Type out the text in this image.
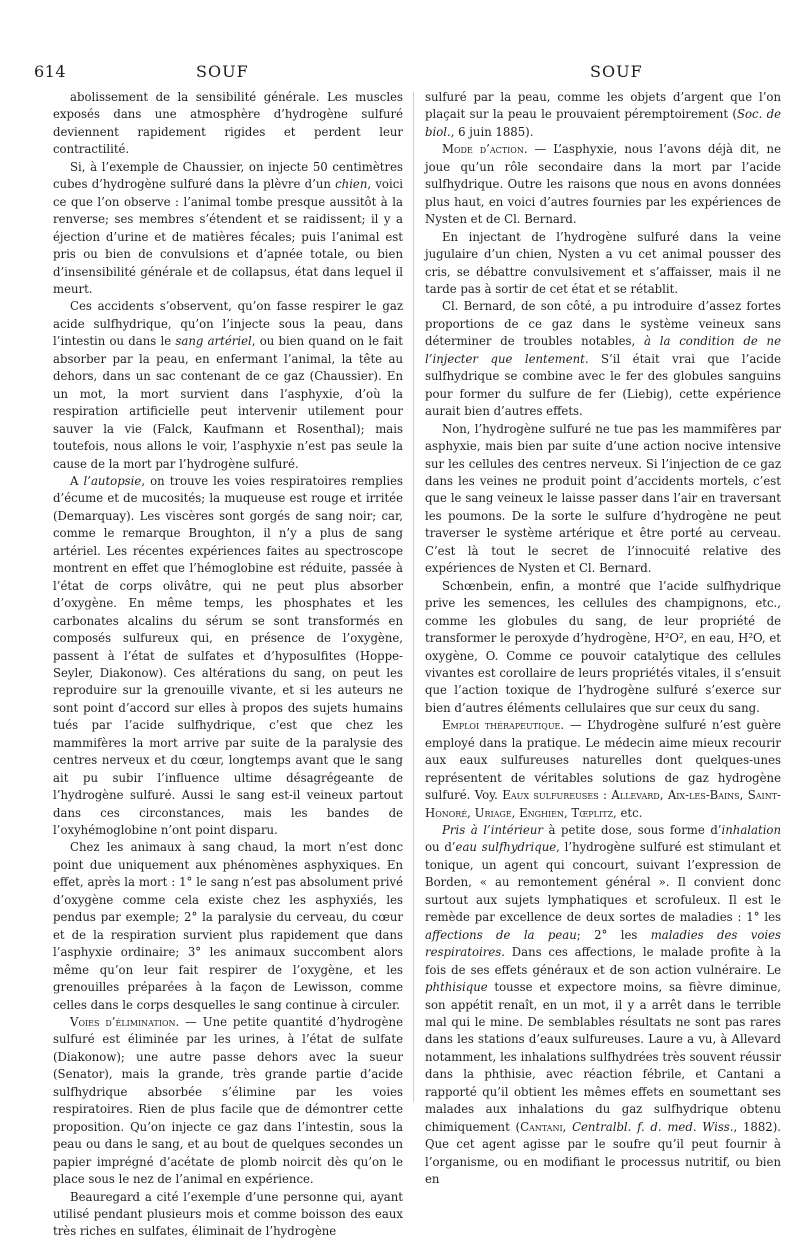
614	SOUF	SOUF

abolissement de la sensibilité générale. Les muscles exposés dans une atmosphère d’hydrogène sulfuré deviennent rapidement rigides et perdent leur contractilité.

Si, à l’exemple de Chaussier, on injecte 50 centimètres cubes d’hydrogène sulfuré dans la plèvre d’un chien, voici ce que l’on observe : l’animal tombe presque aussitôt à la renverse; ses membres s’étendent et se raidissent; il y a éjection d’urine et de matières fécales; puis l’animal est pris ou bien de convulsions et d’apnée totale, ou bien d’insensibilité générale et de collapsus, état dans lequel il meurt.

Ces accidents s’observent, qu’on fasse respirer le gaz acide sulfhydrique, qu’on l’injecte sous la peau, dans l’intestin ou dans le sang artériel, ou bien quand on le fait absorber par la peau, en enfermant l’animal, la tête au dehors, dans un sac contenant de ce gaz (Chaussier). En un mot, la mort survient dans l’asphyxie, d’où la respiration artificielle peut intervenir utilement pour sauver la vie (Falck, Kaufmann et Rosenthal); mais toutefois, nous allons le voir, l’asphyxie n’est pas seule la cause de la mort par l’hydrogène sulfuré.

A l’autopsie, on trouve les voies respiratoires remplies d’écume et de mucosités; la muqueuse est rouge et irritée (Demarquay). Les viscères sont gorgés de sang noir; car, comme le remarque Broughton, il n’y a plus de sang artériel. Les récentes expériences faites au spectroscope montrent en effet que l’hémoglobine est réduite, passée à l’état de corps olivâtre, qui ne peut plus absorber d’oxygène. En même temps, les phosphates et les carbonates alcalins du sérum se sont transformés en composés sulfureux qui, en présence de l’oxygène, passent à l’état de sulfates et d’hyposulfites (Hoppe-Seyler, Diakonow). Ces altérations du sang, on peut les reproduire sur la grenouille vivante, et si les auteurs ne sont point d’accord sur elles à propos des sujets humains tués par l’acide sulfhydrique, c’est que chez les mammifères la mort arrive par suite de la paralysie des centres nerveux et du cœur, longtemps avant que le sang ait pu subir l’influence ultime désagrégeante de l’hydrogène sulfuré. Aussi le sang est-il veineux partout dans ces circonstances, mais les bandes de l’oxyhémoglobine n’ont point disparu.

Chez les animaux à sang chaud, la mort n’est donc point due uniquement aux phénomènes asphyxiques. En effet, après la mort : 1° le sang n’est pas absolument privé d’oxygène comme cela existe chez les asphyxiés, les pendus par exemple; 2° la paralysie du cerveau, du cœur et de la respiration survient plus rapidement que dans l’asphyxie ordinaire; 3° les animaux succombent alors même qu’on leur fait respirer de l’oxygène, et les grenouilles préparées à la façon de Lewisson, comme celles dans le corps desquelles le sang continue à circuler.

Voies d’élimination. — Une petite quantité d’hydrogène sulfuré est éliminée par les urines, à l’état de sulfate (Diakonow); une autre passe dehors avec la sueur (Senator), mais la grande, très grande partie d’acide sulfhydrique absorbée s’élimine par les voies respiratoires. Rien de plus facile que de démontrer cette proposition. Qu’on injecte ce gaz dans l’intestin, sous la peau ou dans le sang, et au bout de quelques secondes un papier imprégné d’acétate de plomb noircit dès qu’on le place sous le nez de l’animal en expérience.

Beauregard a cité l’exemple d’une personne qui, ayant utilisé pendant plusieurs mois et comme boisson des eaux très riches en sulfates, éliminait de l’hydrogène

sulfuré par la peau, comme les objets d’argent que l’on plaçait sur la peau le prouvaient péremptoirement (Soc. de biol., 6 juin 1885).

Mode d’action. — L’asphyxie, nous l’avons déjà dit, ne joue qu’un rôle secondaire dans la mort par l’acide sulfhydrique. Outre les raisons que nous en avons données plus haut, en voici d’autres fournies par les expériences de Nysten et de Cl. Bernard.

En injectant de l’hydrogène sulfuré dans la veine jugulaire d’un chien, Nysten a vu cet animal pousser des cris, se débattre convulsivement et s’affaisser, mais il ne tarde pas à sortir de cet état et se rétablit.

Cl. Bernard, de son côté, a pu introduire d’assez fortes proportions de ce gaz dans le système veineux sans déterminer de troubles notables, à la condition de ne l’injecter que lentement. S’il était vrai que l’acide sulfhydrique se combine avec le fer des globules sanguins pour former du sulfure de fer (Liebig), cette expérience aurait bien d’autres effets.

Non, l’hydrogène sulfuré ne tue pas les mammifères par asphyxie, mais bien par suite d’une action nocive intensive sur les cellules des centres nerveux. Si l’injection de ce gaz dans les veines ne produit point d’accidents mortels, c’est que le sang veineux le laisse passer dans l’air en traversant les poumons. De la sorte le sulfure d’hydrogène ne peut traverser le système artérique et être porté au cerveau. C’est là tout le secret de l’innocuité relative des expériences de Nysten et Cl. Bernard.

Schœnbein, enfin, a montré que l’acide sulfhydrique prive les semences, les cellules des champignons, etc., comme les globules du sang, de leur propriété de transformer le peroxyde d’hydrogène, H²O², en eau, H²O, et oxygène, O. Comme ce pouvoir catalytique des cellules vivantes est corollaire de leurs propriétés vitales, il s’ensuit que l’action toxique de l’hydrogène sulfuré s’exerce sur bien d’autres éléments cellulaires que sur ceux du sang.

Emploi thérapeutique. — L’hydrogène sulfuré n’est guère employé dans la pratique. Le médecin aime mieux recourir aux eaux sulfureuses naturelles dont quelques-unes représentent de véritables solutions de gaz hydrogène sulfuré. Voy. Eaux sulfureuses : Allevard, Aix-les-Bains, Saint-Honoré, Uriage, Enghien, Tœplitz, etc.

Pris à l’intérieur à petite dose, sous forme d’inhalation ou d’eau sulfhydrique, l’hydrogène sulfuré est stimulant et tonique, un agent qui concourt, suivant l’expression de Borden, « au remontement général ». Il convient donc surtout aux sujets lymphatiques et scrofuleux. Il est le remède par excellence de deux sortes de maladies : 1° les affections de la peau; 2° les maladies des voies respiratoires. Dans ces affections, le malade profite à la fois de ses effets généraux et de son action vulnéraire. Le phthisique tousse et expectore moins, sa fièvre diminue, son appétit renaît, en un mot, il y a arrêt dans le terrible mal qui le mine. De semblables résultats ne sont pas rares dans les stations d’eaux sulfureuses. Laure a vu, à Allevard notamment, les inhalations sulfhydrées très souvent réussir dans la phthisie, avec réaction fébrile, et Cantani a rapporté qu’il obtient les mêmes effets en soumettant ses malades aux inhalations du gaz sulfhydrique obtenu chimiquement (Cantani, Centralbl. f. d. med. Wiss., 1882). Que cet agent agisse par le soufre qu’il peut fournir à l’organisme, ou en modifiant le processus nutritif, ou bien en
